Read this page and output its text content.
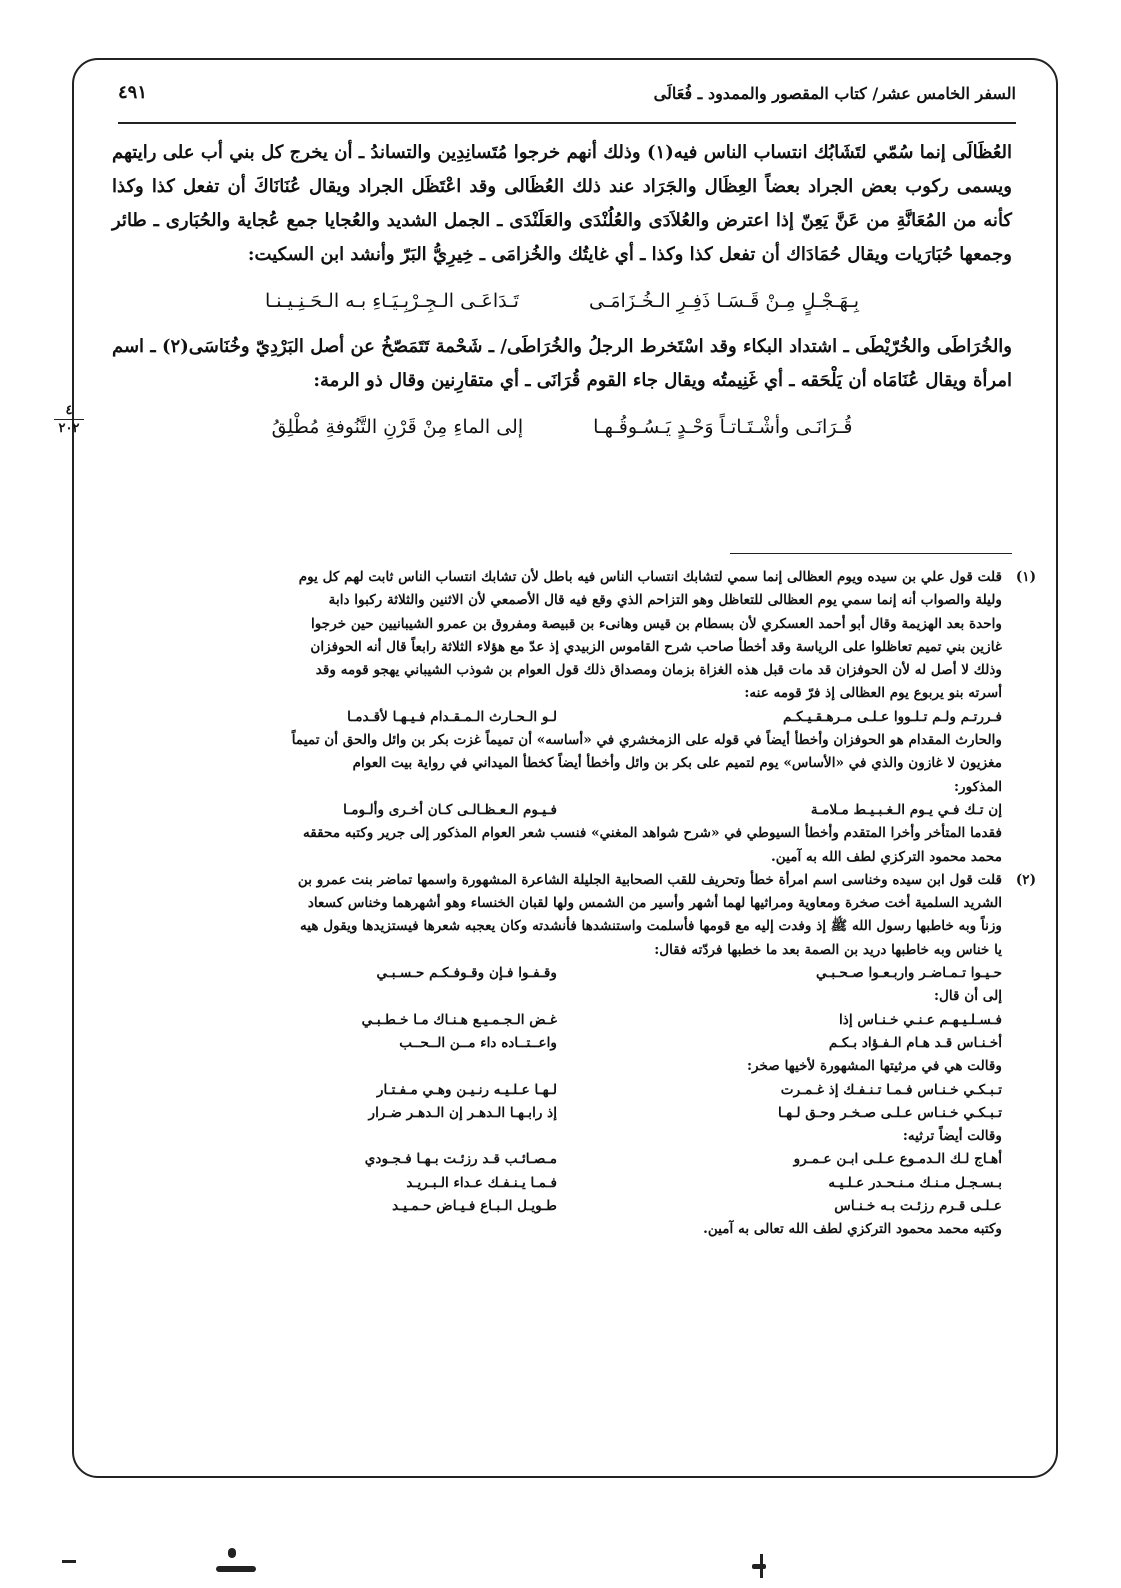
السفر الخامس عشر/ كتاب المقصور والممدود ـ فُعَالَى
٤٩١
٤
٢٠٢

العُظَالَى إنما سُمّي لتَشَابُك انتساب الناس فيه(١) وذلك أنهم خرجوا مُتَسانِدِين والتساندُ ـ أن يخرج كل بني أب على رايتهم ويسمى ركوب بعض الجراد بعضاً العِظَال والجَرَاد عند ذلك العُظَالى وقد اعْتَظَل الجراد ويقال عُنَانَاكَ أن تفعل كذا وكذا كأنه من المُعَانَّةِ من عَنَّ يَعِنّ إذا اعترض والعُلاَدَى والعُلُنْدَى والعَلَنْدَى ـ الجمل الشديد والعُجايا جمع عُجاية والحُبَارى ـ طائر وجمعها حُبَارَيات ويقال حُمَادَاك أن تفعل كذا وكذا ـ أي غايتُك والخُزامَى ـ خِيرِيُّ البَرّ وأنشد ابن السكيت:

بِـهَـجْـلٍ مِـنْ قَـسَـا ذَفِـرِ الـخُـزَامَـى
تَـدَاعَـى الـجِـرْبِـيَـاءِ بـه الـحَـنِـيـنـا

والخُرَاطَى والخُرّيْطَى ـ اشتداد البكاء وقد اسْتَخرط الرجلُ والخُرَاطَى/ ـ شَحْمة تَتَمَصّخُ عن أصل البَرْدِيّ وخُنَاسَى(٢) ـ اسم امرأة ويقال عُنَامَاه أن يَلْحَقه ـ أي غَنِيمتُه ويقال جاء القوم قُرَانَى ـ أي متقارِنين وقال ذو الرمة:

قُـرَانَـى وأشْـتَـاتـاً وَحْـدٍ يَـسُـوقُـهـا
إلى الماءِ مِنْ قَرْنِ التَّنُوفةِ مُطْلِقُ
(١)

قلت قول علي بن سيده ويوم العظالى إنما سمي لتشابك انتساب الناس فيه باطل لأن تشابك انتساب الناس ثابت لهم كل يوم

وليلة والصواب أنه إنما سمي يوم العظالى للتعاظل وهو التزاحم الذي وقع فيه قال الأصمعي لأن الاثنين والثلاثة ركبوا دابة

واحدة بعد الهزيمة وقال أبو أحمد العسكري لأن بسطام بن قيس وهانىء بن قبيصة ومفروق بن عمرو الشيبانيين حين خرجوا

غازين بني تميم تعاظلوا على الرياسة وقد أخطأ صاحب شرح القاموس الزبيدي إذ عدّ مع هؤلاء الثلاثة رابعاً قال أنه الحوفزان

وذلك لا أصل له لأن الحوفزان قد مات قبل هذه الغزاة بزمان ومصداق ذلك قول العوام بن شوذب الشيباني يهجو قومه وقد

أسرته بنو يربوع يوم العظالى إذ فرّ قومه عنه:

فـررتـم ولـم تـلـووا عـلـى مـرهـقـيـكـم
لـو الـحـارث الـمـقـدام فـيـهـا لأقـدمـا

والحارث المقدام هو الحوفزان وأخطأ أيضاً في قوله على الزمخشري في «أساسه» أن تميماً غزت بكر بن وائل والحق أن تميماً

مغزيون لا غازون والذي في «الأساس» يوم لتميم على بكر بن وائل وأخطأ أيضاً كخطأ الميداني في رواية بيت العوام

المذكور:

إن تـك فـي يـوم الـغـبـيـط مـلامـة
فـيـوم الـعـظـالـى كـان أخـرى وألـومـا

فقدما المتأخر وأخرا المتقدم وأخطأ السيوطي في «شرح شواهد المغني» فنسب شعر العوام المذكور إلى جرير وكتبه محققه

محمد محمود التركزي لطف الله به آمين.

(٢)

قلت قول ابن سيده وخناسى اسم امرأة خطأ وتحريف للقب الصحابية الجليلة الشاعرة المشهورة واسمها تماضر بنت عمرو بن

الشريد السلمية أخت صخرة ومعاوية ومراثيها لهما أشهر وأسير من الشمس ولها لقبان الخنساء وهو أشهرهما وخناس كسعاد

وزناً وبه خاطبها رسول الله ﷺ إذ وفدت إليه مع قومها فأسلمت واستنشدها فأنشدته وكان يعجبه شعرها فيستزيدها ويقول هيه

يا خناس وبه خاطبها دريد بن الصمة بعد ما خطبها فردّته فقال:

حـيـوا تـمـاضـر واربـعـوا صـحـبـي
وقـفـوا فـإن وقـوفـكـم حـسـبـي

إلى أن قال:

فـسـلـيـهـم عـنـي خـنـاس إذا
غـض الـجـمـيـع هـنـاك مـا خـطـبـي
أخـنـاس قـد هـام الـفـؤاد بـكـم
واعــتــاده داء مــن الــحــب

وقالت هي في مرثيتها المشهورة لأخيها صخر:

تـبـكـي خـنـاس فـمـا تـنـفـك إذ غـمـرت
لـهـا عـلـيـه رنـيـن وهـي مـفـتـار
تـبـكـي خـنـاس عـلـى صـخـر وحـق لـهـا
إذ رابـهـا الـدهـر إن الـدهـر ضـرار

وقالت أيضاً ترثيه:

أهـاج لـك الـدمـوع عـلـى ابـن عـمـرو
مـصـائـب قـد رزئـت بـهـا فـجـودي
بـسـجـل مـنـك مـنـحـدر عـلـيـه
فـمـا يـنـفـك عـداء الـبـريـد
عـلـى قـرم رزئـت بـه خـنـاس
طـويـل الـبـاع فـيـاض حـمـيـد

وكتبه محمد محمود التركزي لطف الله تعالى به آمين.
